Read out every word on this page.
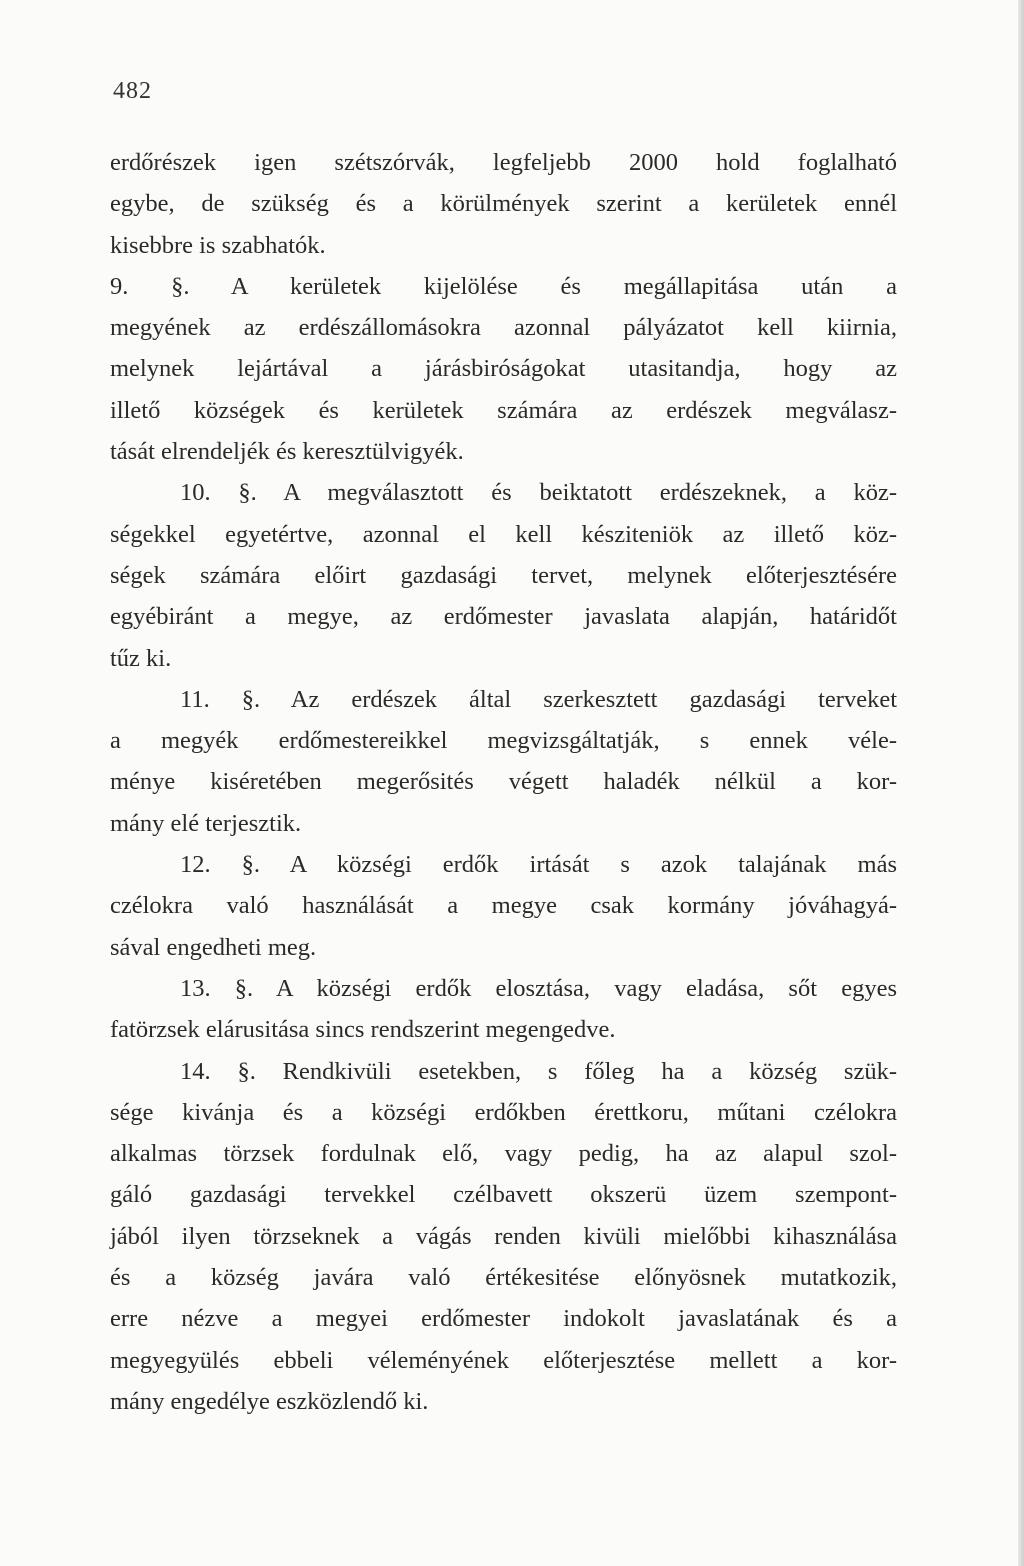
482
erdőrészek igen szétszórvák, legfeljebb 2000 hold foglalható
egybe, de szükség és a körülmények szerint a kerületek ennél
kisebbre is szabhatók.
9. §. A kerületek kijelölése és megállapitása után a
megyének az erdészállomásokra azonnal pályázatot kell kiirnia,
melynek lejártával a járásbiróságokat utasitandja, hogy az
illető községek és kerületek számára az erdészek megválasz-
tását elrendeljék és keresztülvigyék.
10. §. A megválasztott és beiktatott erdészeknek, a köz-
ségekkel egyetértve, azonnal el kell késziteniök az illető köz-
ségek számára előirt gazdasági tervet, melynek előterjesztésére
egyébiránt a megye, az erdőmester javaslata alapján, határidőt
tűz ki.
11. §. Az erdészek által szerkesztett gazdasági terveket
a megyék erdőmestereikkel megvizsgáltatják, s ennek véle-
ménye kiséretében megerősités végett haladék nélkül a kor-
mány elé terjesztik.
12. §. A községi erdők irtását s azok talajának más
czélokra való használását a megye csak kormány jóváhagyá-
sával engedheti meg.
13. §. A községi erdők elosztása, vagy eladása, sőt egyes
fatörzsek elárusitása sincs rendszerint megengedve.
14. §. Rendkivüli esetekben, s főleg ha a község szük-
sége kivánja és a községi erdőkben érettkoru, műtani czélokra
alkalmas törzsek fordulnak elő, vagy pedig, ha az alapul szol-
gáló gazdasági tervekkel czélbavett okszerü üzem szempont-
jából ilyen törzseknek a vágás renden kivüli mielőbbi kihasználása
és a község javára való értékesitése előnyösnek mutatkozik,
erre nézve a megyei erdőmester indokolt javaslatának és a
megyegyülés ebbeli véleményének előterjesztése mellett a kor-
mány engedélye eszközlendő ki.
